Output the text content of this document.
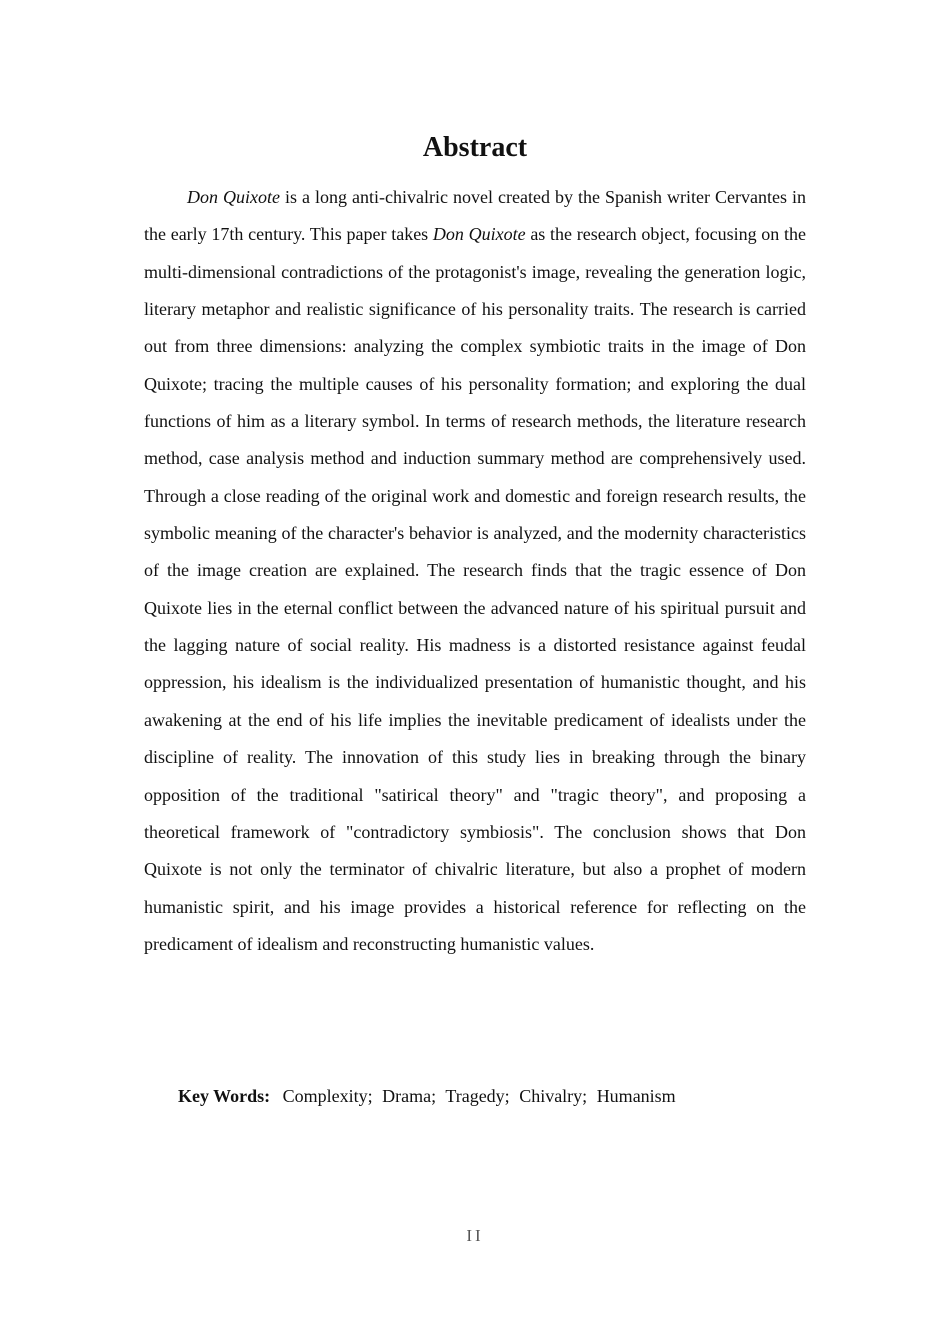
Abstract

Don Quixote is a long anti-chivalric novel created by the Spanish writer Cervantes in the early 17th century. This paper takes Don Quixote as the research object, focusing on the multi-dimensional contradictions of the protagonist's image, revealing the generation logic, literary metaphor and realistic significance of his personality traits. The research is carried out from three dimensions: analyzing the complex symbiotic traits in the image of Don Quixote; tracing the multiple causes of his personality formation; and exploring the dual functions of him as a literary symbol. In terms of research methods, the literature research method, case analysis method and induction summary method are comprehensively used. Through a close reading of the original work and domestic and foreign research results, the symbolic meaning of the character's behavior is analyzed, and the modernity characteristics of the image creation are explained. The research finds that the tragic essence of Don Quixote lies in the eternal conflict between the advanced nature of his spiritual pursuit and the lagging nature of social reality. His madness is a distorted resistance against feudal oppression, his idealism is the individualized presentation of humanistic thought, and his awakening at the end of his life implies the inevitable predicament of idealists under the discipline of reality. The innovation of this study lies in breaking through the binary opposition of the traditional "satirical theory" and "tragic theory", and proposing a theoretical framework of "contradictory symbiosis". The conclusion shows that Don Quixote is not only the terminator of chivalric literature, but also a prophet of modern humanistic spirit, and his image provides a historical reference for reflecting on the predicament of idealism and reconstructing humanistic values.

Key Words: Complexity; Drama; Tragedy; Chivalry; Humanism

II
